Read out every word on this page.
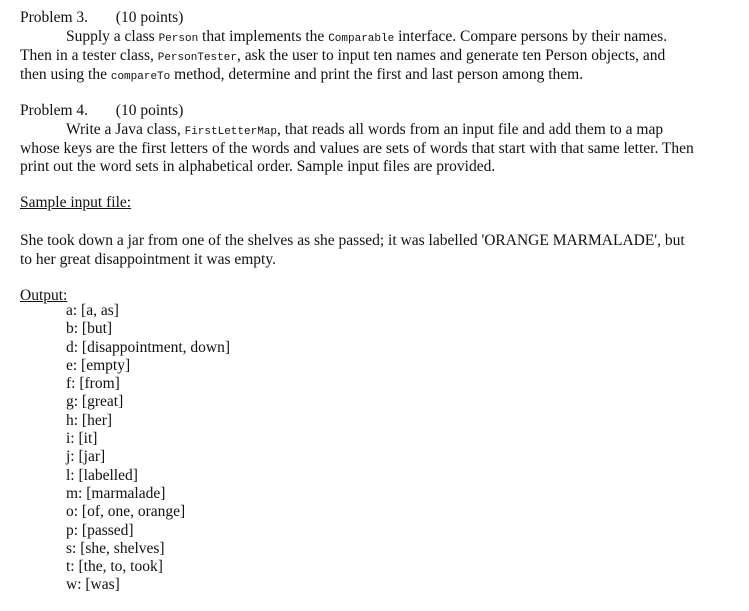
Problem 3. (10 points)
Supply a class Person that implements the Comparable interface. Compare persons by their names.
Then in a tester class, PersonTester, ask the user to input ten names and generate ten Person objects, and
then using the compareTo method, determine and print the first and last person among them.
Problem 4. (10 points)
Write a Java class, FirstLetterMap, that reads all words from an input file and add them to a map
whose keys are the first letters of the words and values are sets of words that start with that same letter. Then
print out the word sets in alphabetical order. Sample input files are provided.
Sample input file:
She took down a jar from one of the shelves as she passed; it was labelled 'ORANGE MARMALADE', but
to her great disappointment it was empty.
Output:
a: [a, as]
b: [but]
d: [disappointment, down]
e: [empty]
f: [from]
g: [great]
h: [her]
i: [it]
j: [jar]
l: [labelled]
m: [marmalade]
o: [of, one, orange]
p: [passed]
s: [she, shelves]
t: [the, to, took]
w: [was]
